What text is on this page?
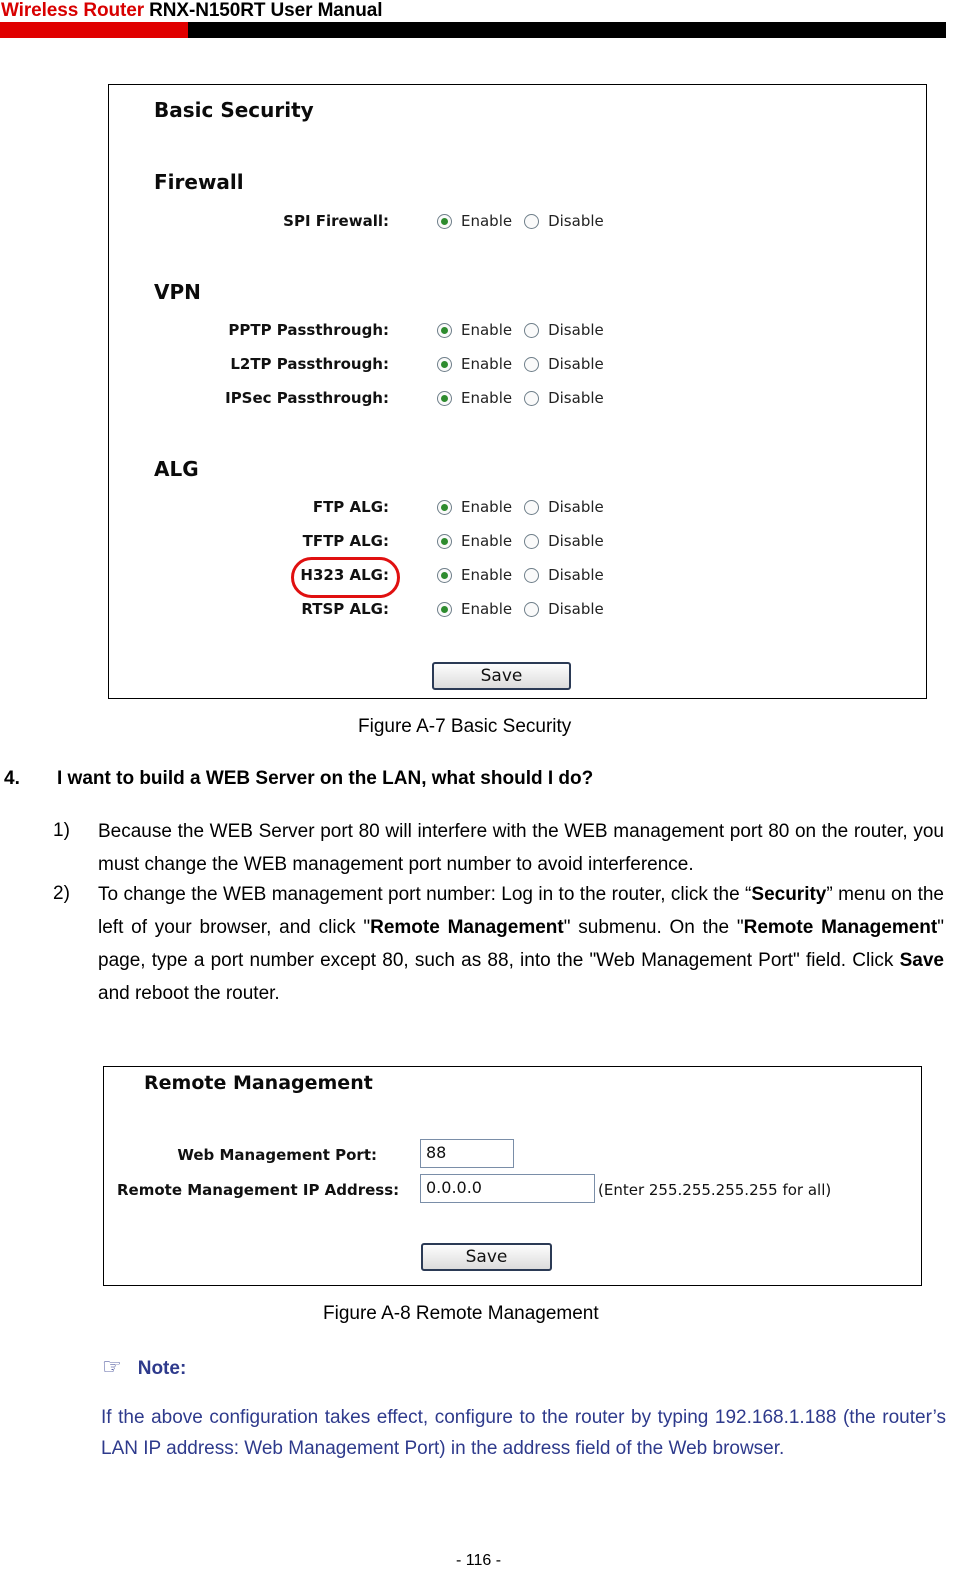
Wireless Router RNX-N150RT User Manual
Basic Security
Firewall
VPN
ALG
SPI Firewall:	Enable Disable
PPTP Passthrough:	Enable Disable
L2TP Passthrough:	Enable Disable
IPSec Passthrough:	Enable Disable
FTP ALG:	Enable Disable
TFTP ALG:	Enable Disable
H323 ALG:	Enable Disable
RTSP ALG:	Enable Disable
Save
Figure A-7 Basic Security
4. I want to build a WEB Server on the LAN, what should I do?
1) Because the WEB Server port 80 will interfere with the WEB management port 80 on the router, you must change the WEB management port number to avoid interference.
2) To change the WEB management port number: Log in to the router, click the “Security” menu on the left of your browser, and click "Remote Management" submenu. On the "Remote Management" page, type a port number except 80, such as 88, into the "Web Management Port" field. Click Save and reboot the router.
Remote Management
Web Management Port:	88
Remote Management IP Address:	0.0.0.0	(Enter 255.255.255.255 for all)
Save
Figure A-8 Remote Management
☞ Note:
If the above configuration takes effect, configure to the router by typing 192.168.1.188 (the router’s LAN IP address: Web Management Port) in the address field of the Web browser.
- 116 -
